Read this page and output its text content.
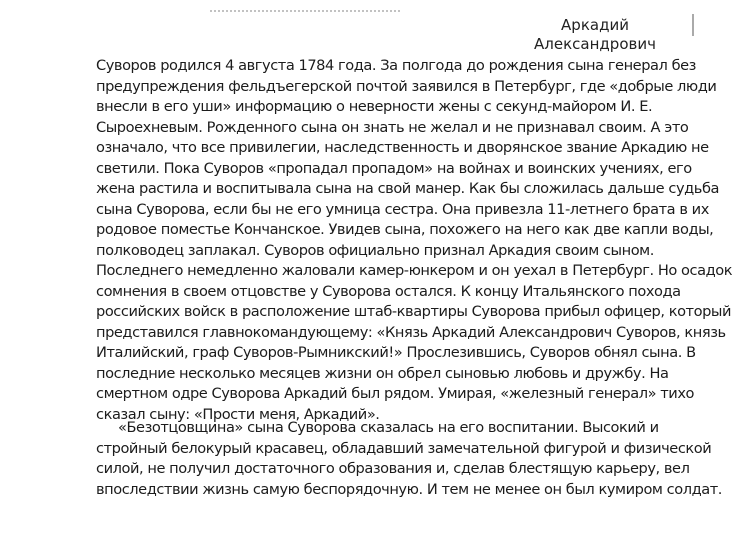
Аркадий
Александрович
Суворов родился 4 августа 1784 года. За полгода до рождения сына генерал без
предупреждения фельдъегерской почтой заявился в Петербург, где «добрые люди
внесли в его уши» информацию о неверности жены с секунд-майором И. Е.
Сыроехневым. Рожденного сына он знать не желал и не признавал своим. А это
означало, что все привилегии, наследственность и дворянское звание Аркадию не
светили. Пока Суворов «пропадал пропадом» на войнах и воинских учениях, его
жена растила и воспитывала сына на свой манер. Как бы сложилась дальше судьба
сына Суворова, если бы не его умница сестра. Она привезла 11-летнего брата в их
родовое поместье Кончанское. Увидев сына, похожего на него как две капли воды,
полководец заплакал. Суворов официально признал Аркадия своим сыном.
Последнего немедленно жаловали камер-юнкером и он уехал в Петербург. Но осадок
сомнения в своем отцовстве у Суворова остался. К концу Итальянского похода
российских войск в расположение штаб-квартиры Суворова прибыл офицер, который
представился главнокомандующему: «Князь Аркадий Александрович Суворов, князь
Италийский, граф Суворов-Рымникский!» Прослезившись, Суворов обнял сына. В
последние несколько месяцев жизни он обрел сыновью любовь и дружбу. На
смертном одре Суворова Аркадий был рядом. Умирая, «железный генерал» тихо
сказал сыну: «Прости меня, Аркадий».
«Безотцовщина» сына Суворова сказалась на его воспитании. Высокий и
стройный белокурый красавец, обладавший замечательной фигурой и физической
силой, не получил достаточного образования и, сделав блестящую карьеру, вел
впоследствии жизнь самую беспорядочную. И тем не менее он был кумиром солдат.
